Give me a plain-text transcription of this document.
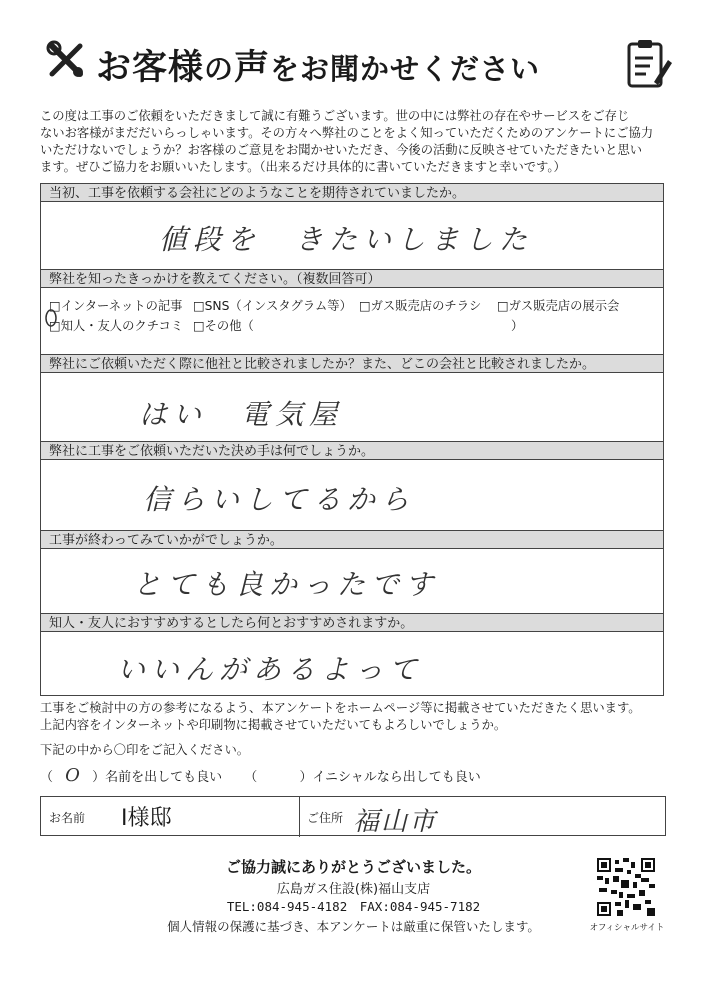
お客様の声をお聞かせください
この度は工事のご依頼をいただきまして誠に有難うございます。世の中には弊社の存在やサービスをご存じ
ないお客様がまだだいらっしゃいます。その方々へ弊社のことをよく知っていただくためのアンケートにご協力
いただけないでしょうか？お客様のご意見をお聞かせいただき、今後の活動に反映させていただきたいと思い
ます。ぜひご協力をお願いいたします。（出来るだけ具体的に書いていただきますと幸いです。）
当初、工事を依頼する会社にどのようなことを期待されていましたか。
値段を　きたいしました
弊社を知ったきっかけを教えてください。（複数回答可）
□インターネットの記事 □SNS（インスタグラム等） □ガス販売店のチラシ □ガス販売店の展示会
□知人・友人のクチコミ □その他（	）
弊社にご依頼いただく際に他社と比較されましたか？また、どこの会社と比較されましたか。
はい　電気屋
弊社に工事をご依頼いただいた決め手は何でしょうか。
信らいしてるから
工事が終わってみていかがでしょうか。
とても良かったです
知人・友人におすすめするとしたら何とおすすめされますか。
いいんがあるよって
工事をご検討中の方の参考になるよう、本アンケートをホームページ等に掲載させていただきたく思います。
上記内容をインターネットや印刷物に掲載させていただいてもよろしいでしょうか。
下記の中から〇印をご記入ください。
（ O ）名前を出しても良い （	）イニシャルなら出しても良い
お名前 I様邸	ご住所 福山市
ご協力誠にありがとうございました。
広島ガス住設(株)福山支店
TEL:084-945-4182　FAX:084-945-7182
個人情報の保護に基づき、本アンケートは厳重に保管いたします。	オフィシャルサイト
